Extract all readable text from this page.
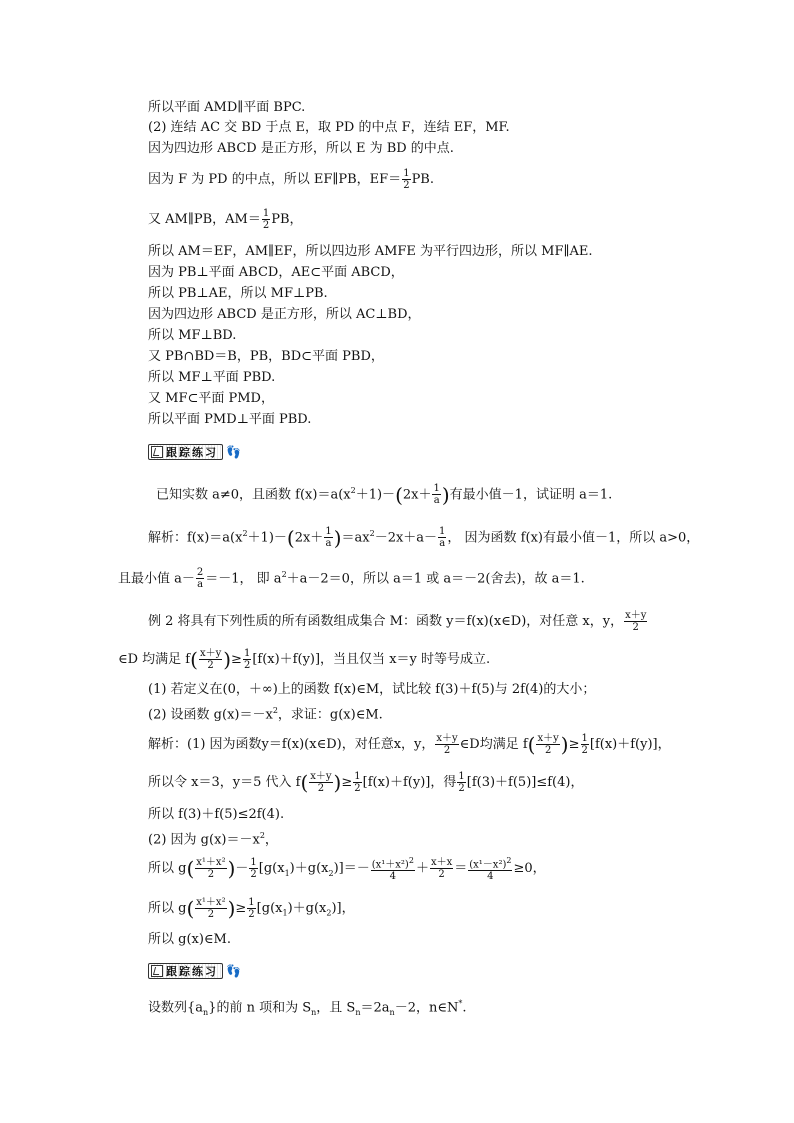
所以平面 AMD∥平面 BPC.
(2) 连结 AC 交 BD 于点 E，取 PD 的中点 F，连结 EF，MF.
因为四边形 ABCD 是正方形，所以 E 为 BD 的中点.
因为 F 为 PD 的中点，所以 EF∥PB，$EF= \frac{1}{2}$ PB.
又 AM∥PB，$AM= \frac{1}{2}$ PB，
所以 AM＝EF，AM∥EF，所以四边形 AMFE 为平行四边形，所以 MF∥AE.
因为 PB⊥平面 ABCD，AE⊂平面 ABCD，
所以 PB⊥AE，所以 MF⊥PB.
因为四边形 ABCD 是正方形，所以 AC⊥BD，
所以 MF⊥BD.
又 PB∩BD＝B，PB，BD⊂平面 PBD，
所以 MF⊥平面 PBD.
又 MF⊂平面 PMD，
所以平面 PMD⊥平面 PBD.
跟踪练习 👣
已知实数 a≠0，且函数 $f(x)=a(x^2+1)-(2x+ \frac{1}{a}$ )有最小值－1，试证明 a＝1.
解析：$f(x)=a(x^2+1)-(2x+ \frac{1}{a} )=ax^2-2x+a- \frac{1}{a}$ ， 因为函数 f(x)有最小值－1，所以 a>0，
且最小值 $a- \frac{2}{a} =-1$， 即 $a^2+a-2=0$，所以 a＝1 或 a＝－2(舍去)，故 a＝1.
例 2 将具有下列性质的所有函数组成集合 M：函数 y＝f(x)(x∈D)，对任意 x，y， $\frac{x+y}{2}$
∈D 均满足 $f( \frac{x+y}{2}$ )≥ $\frac{1}{2} [f(x)+f(y)]$，当且仅当 x＝y 时等号成立.
(1) 若定义在(0，＋∞)上的函数 f(x)∈M，试比较 f(3)＋f(5)与 2f(4)的大小；
(2) 设函数 $g(x)=-x^2$，求证：g(x)∈M.
解析：(1) 因为函数y＝f(x)(x∈D)，对任意x，y， $\frac{x+y}{2}$ ∈D均满足 $f( \frac{x+y}{2}$ )≥ $\frac{1}{2} [f(x)+f(y)]$，
所以令 x＝3，y＝5 代入 $f( \frac{x+y}{2}$ )≥ $\frac{1}{2} [f(x)+f(y)]$，得 $\frac{1}{2} [f(3)+f(5)]\le f(4)$，
所以 f(3)＋f(5)≤2f(4).
(2) 因为 $g(x)=-x^2$，
所以 $g( \frac{\text{x¹＋x²}}{2}$ )－ $\frac{1}{2} [g(x_1)+g(x_2)]=- \frac{(x^1+x^2)^2}{4} + \frac{x+x}{2} = \frac{(x^1-x^2)^2}{4} \ge 0$，
所以 $g( \frac{\text{x¹＋x²}}{2}$ )≥ $\frac{1}{2} [g(x_1)+g(x_2)]$，
所以 g(x)∈M.
跟踪练习 👣
设数列$\{a_n\}$的前 n 项和为 $S_n$，且 $S_n=2a_n-2$，n∈N*.
